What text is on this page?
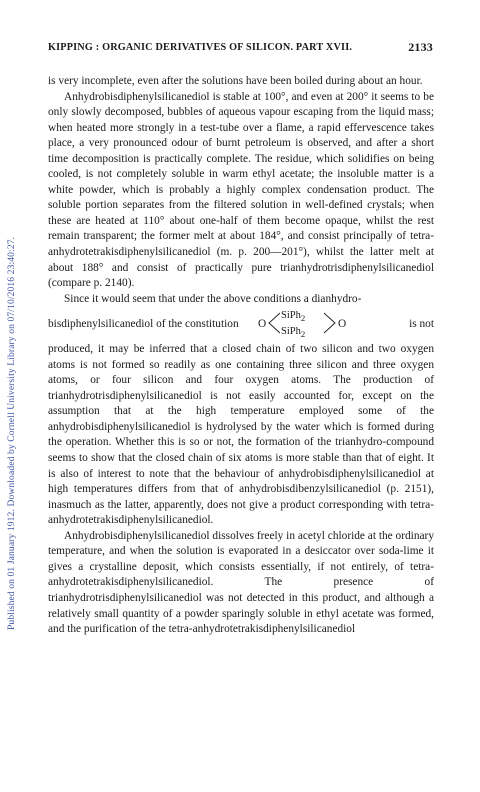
Published on 01 January 1912. Downloaded by Cornell University Library on 07/10/2016 23:40:27.
KIPPING : ORGANIC DERIVATIVES OF SILICON. PART XVII.	2133

is very incomplete, even after the solutions have been boiled during about an hour.

Anhydrobisdiphenylsilicanediol is stable at 100°, and even at 200° it seems to be only slowly decomposed, bubbles of aqueous vapour escaping from the liquid mass; when heated more strongly in a test-tube over a flame, a rapid effervescence takes place, a very pronounced odour of burnt petroleum is observed, and after a short time decomposition is practically complete. The residue, which solidifies on being cooled, is not completely soluble in warm ethyl acetate; the insoluble matter is a white powder, which is probably a highly complex condensation product. The soluble portion separates from the filtered solution in well-defined crystals; when these are heated at 110° about one-half of them become opaque, whilst the rest remain transparent; the former melt at about 184°, and consist principally of tetra-anhydrotetrakisdiphenylsilicanediol (m. p. 200—201°), whilst the latter melt at about 188° and consist of practically pure trianhydrotrisdiphenylsilicanediol (compare p. 2140).

Since it would seem that under the above conditions a dianhydro-

bisdiphenylsilicanediol of the constitution O
SiPh$_2$
SiPh$_2$
O	is not

produced, it may be inferred that a closed chain of two silicon and two oxygen atoms is not formed so readily as one containing three silicon and three oxygen atoms, or four silicon and four oxygen atoms. The production of trianhydrotrisdiphenylsilicanediol is not easily accounted for, except on the assumption that at the high temperature employed some of the anhydrobisdiphenylsilicanediol is hydrolysed by the water which is formed during the operation. Whether this is so or not, the formation of the trianhydro-compound seems to show that the closed chain of six atoms is more stable than that of eight. It is also of interest to note that the behaviour of anhydrobisdiphenylsilicanediol at high temperatures differs from that of anhydrobisdibenzylsilicanediol (p. 2151), inasmuch as the latter, apparently, does not give a product corresponding with tetra-anhydrotetrakisdiphenylsilicanediol.

Anhydrobisdiphenylsilicanediol dissolves freely in acetyl chloride at the ordinary temperature, and when the solution is evaporated in a desiccator over soda-lime it gives a crystalline deposit, which consists essentially, if not entirely, of tetra-anhydrotetrakisdiphenylsilicanediol. The presence of trianhydrotrisdiphenylsilicanediol was not detected in this product, and although a relatively small quantity of a powder sparingly soluble in ethyl acetate was formed, and the purification of the tetra-anhydrotetrakisdiphenylsilicanediol
